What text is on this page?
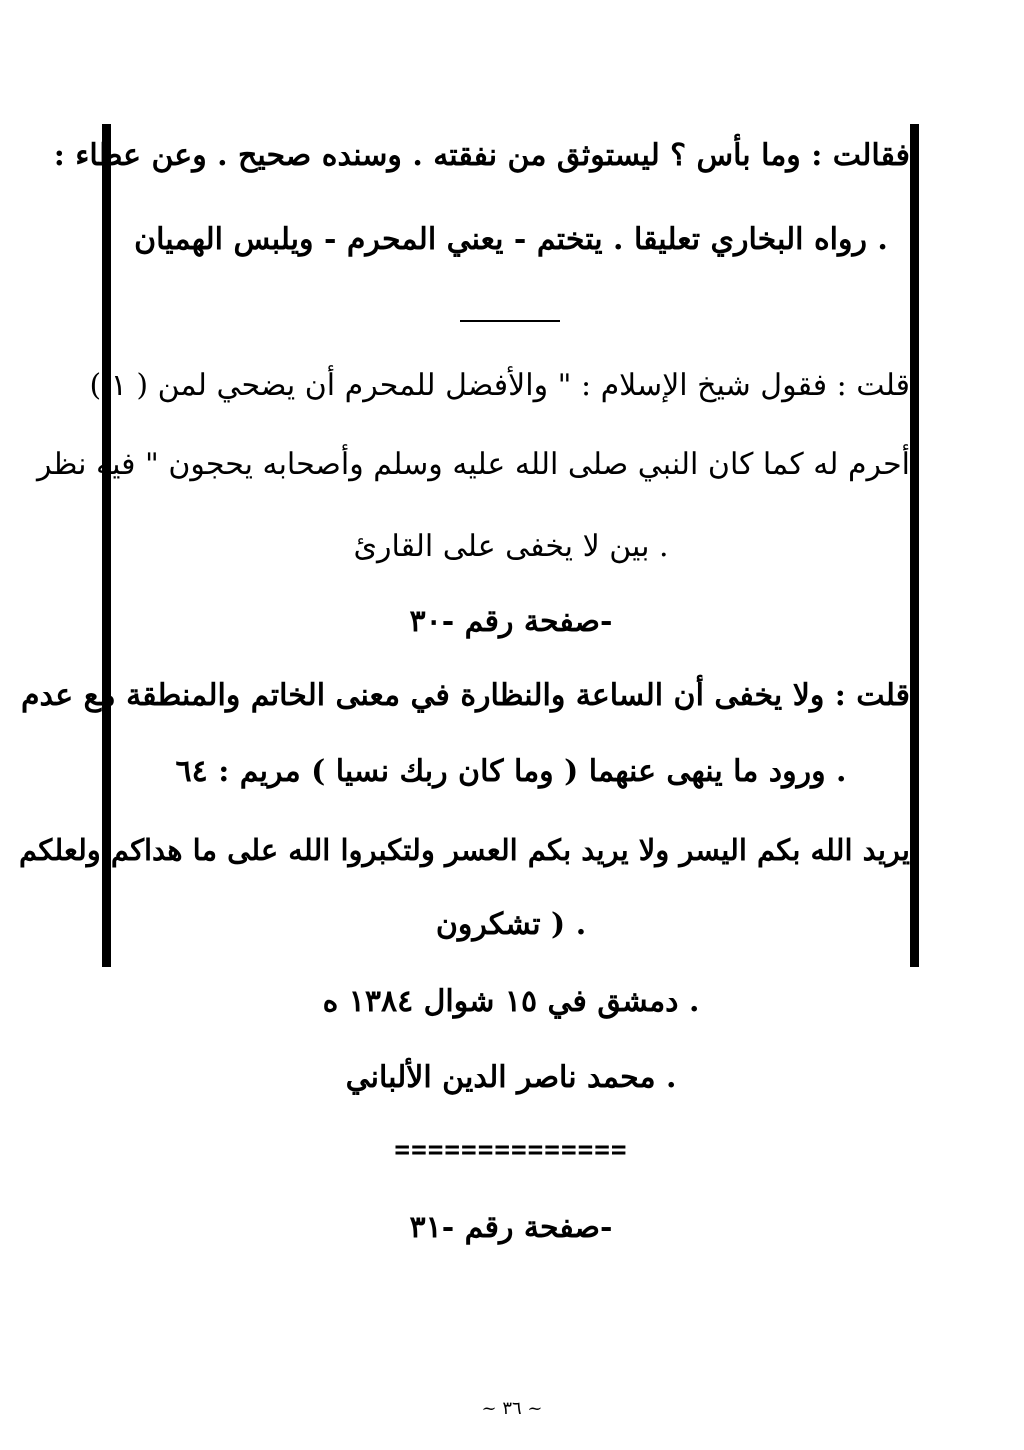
فقالت : وما بأس ؟ ليستوثق من نفقته . وسنده صحيح . وعن عطاء :
. رواه البخاري تعليقا . يتختم - يعني المحرم - ويلبس الهميان
قلت : فقول شيخ الإسلام : " والأفضل للمحرم أن يضحي لمن ( ١ )
أحرم له كما كان النبي صلى الله عليه وسلم وأصحابه يحجون " فيه نظر
. بين لا يخفى على القارئ
-صفحة رقم -٣٠
قلت : ولا يخفى أن الساعة والنظارة في معنى الخاتم والمنطقة مع عدم
. ورود ما ينهى عنهما ( وما كان ربك نسيا ) مريم : ٦٤
يريد الله بكم اليسر ولا يريد بكم العسر ولتكبروا الله على ما هداكم ولعلكم
. ( تشكرون
. دمشق في ١٥ شوال ١٣٨٤ ه
. محمد ناصر الدين الألباني
==============
-صفحة رقم -٣١
~ ٣٦ ~
